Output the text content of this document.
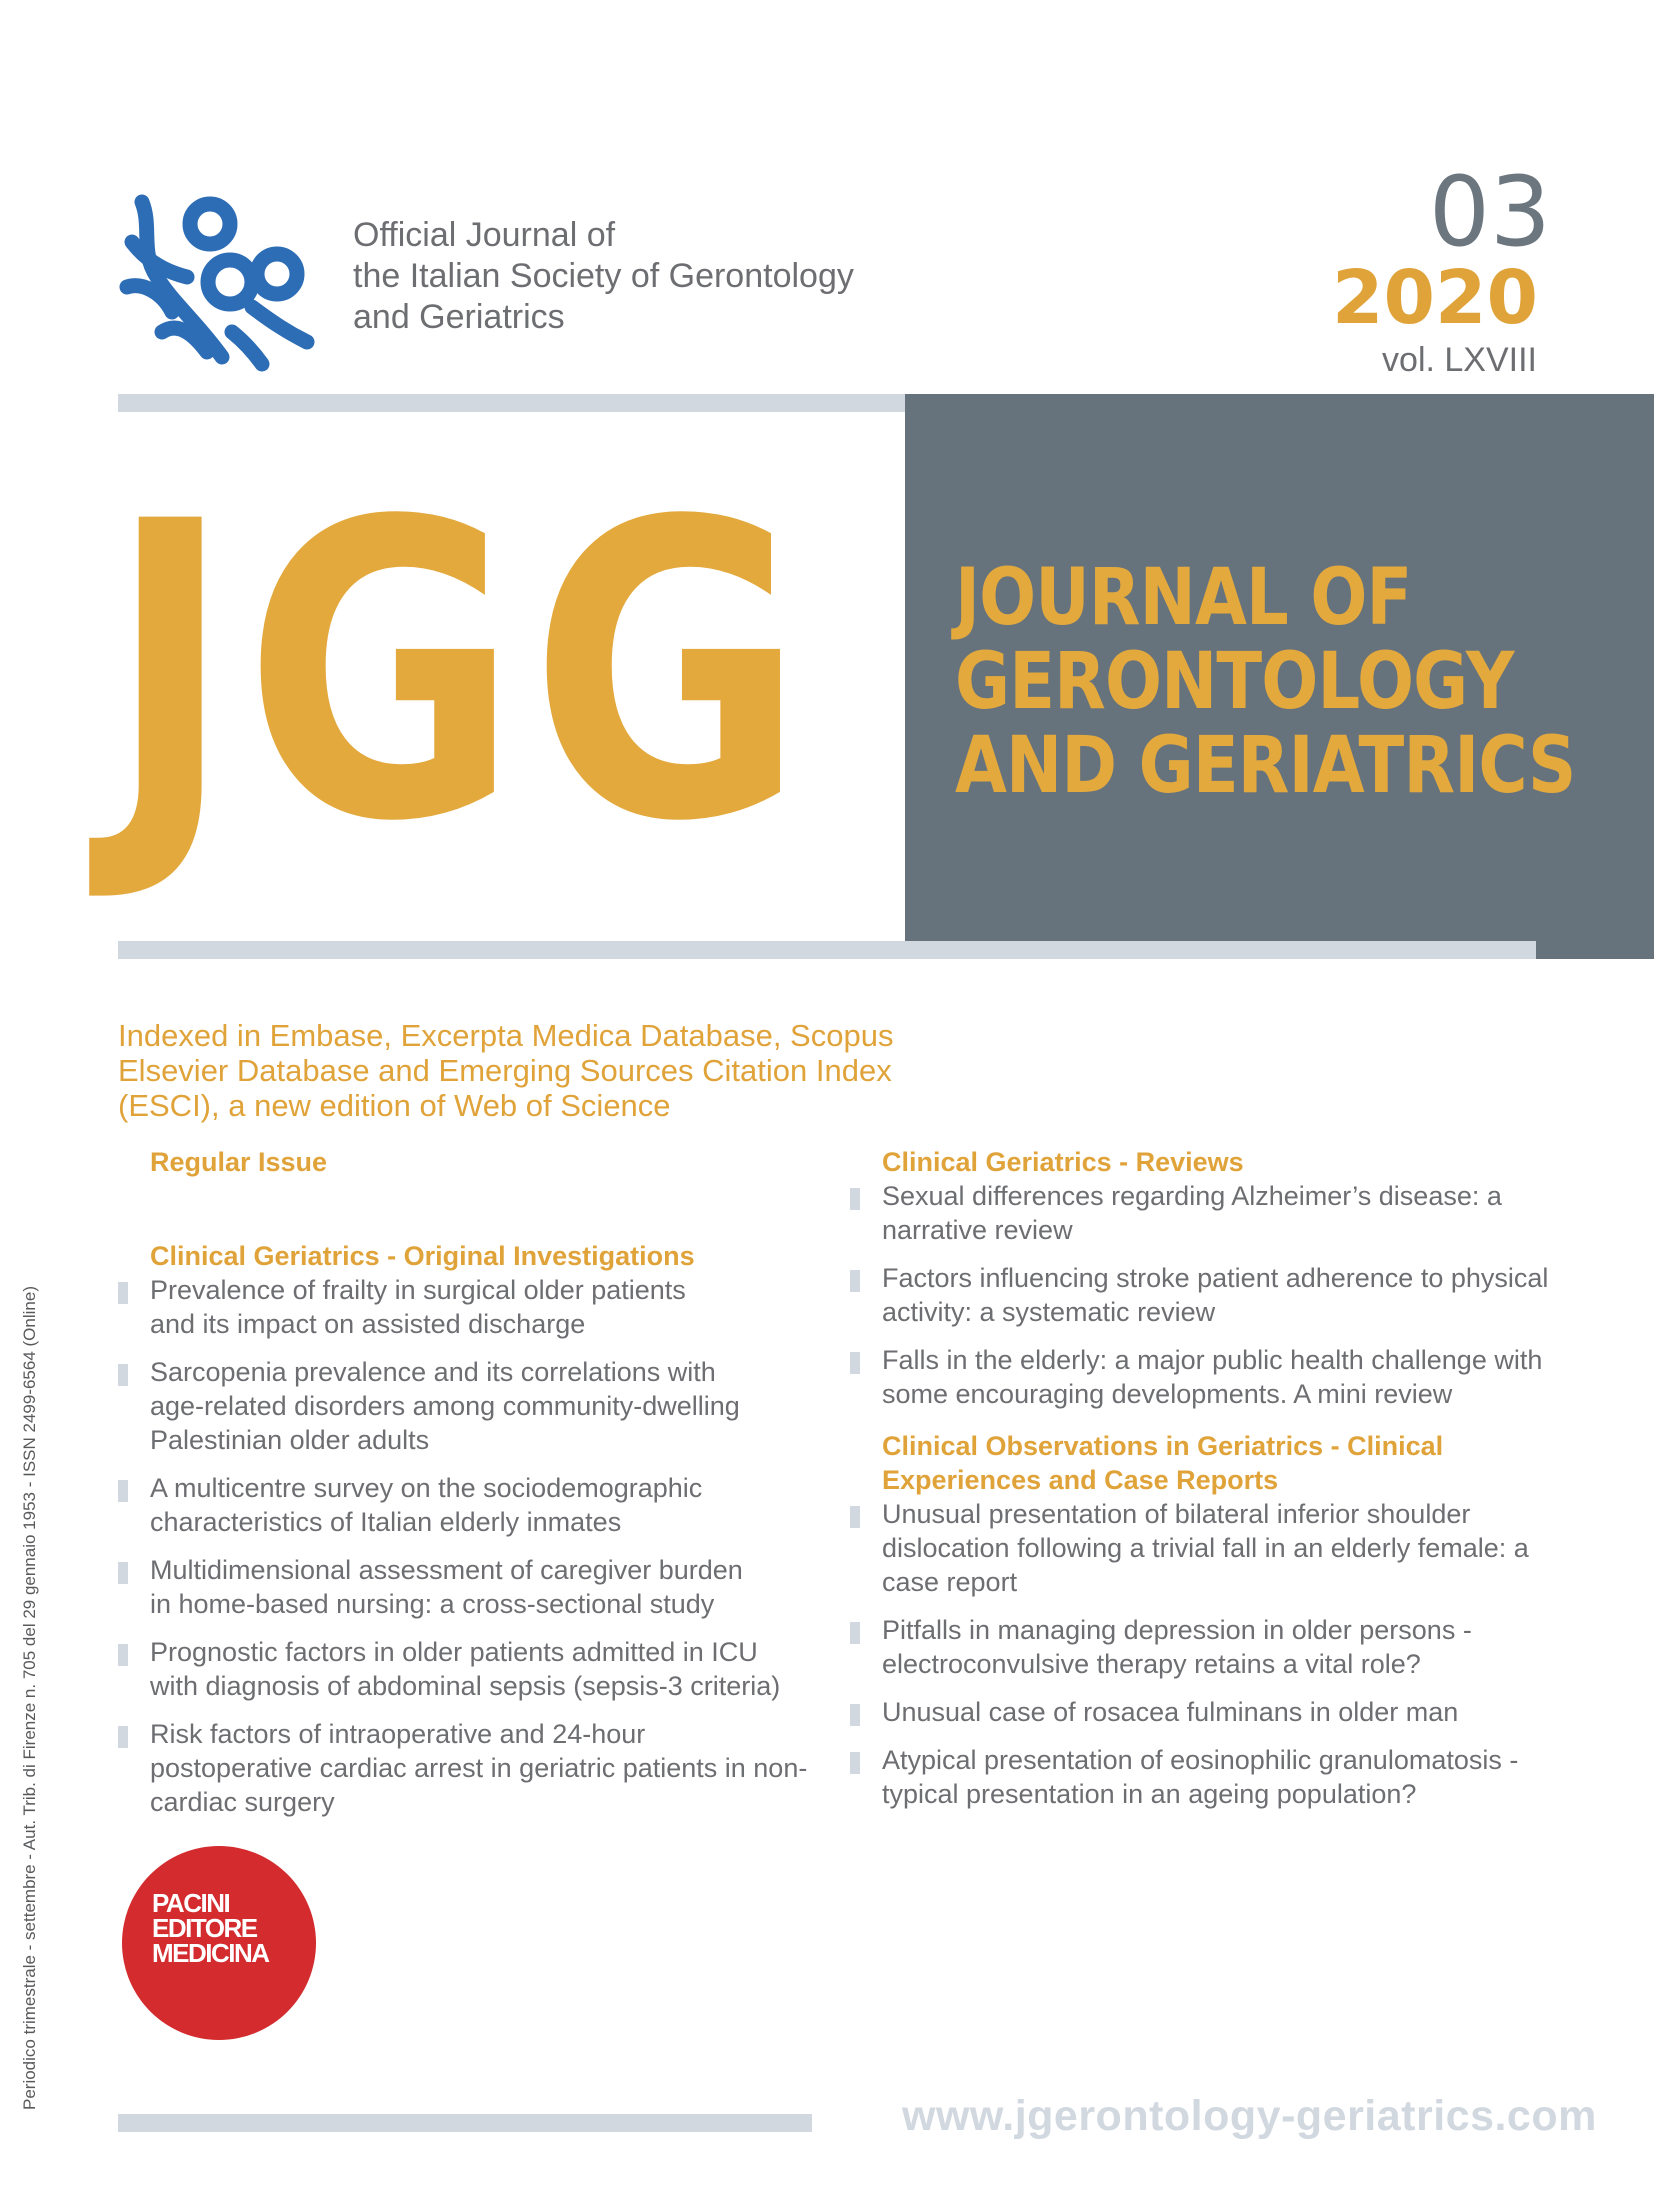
Official Journal of
the Italian Society of Gerontology
and Geriatrics
03
2020
vol. LXVIII
JGG JOURNAL OF
GERONTOLOGY
AND GERIATRICS
Indexed in Embase, Excerpta Medica Database, Scopus
Elsevier Database and Emerging Sources Citation Index
(ESCI), a new edition of Web of Science
Regular Issue
Clinical Geriatrics - Original Investigations
Prevalence of frailty in surgical older patients
and its impact on assisted discharge
Sarcopenia prevalence and its correlations with
age-related disorders among community-dwelling
Palestinian older adults
A multicentre survey on the sociodemographic
characteristics of Italian elderly inmates
Multidimensional assessment of caregiver burden
in home-based nursing: a cross-sectional study
Prognostic factors in older patients admitted in ICU
with diagnosis of abdominal sepsis (sepsis-3 criteria)
Risk factors of intraoperative and 24-hour
postoperative cardiac arrest in geriatric patients in non-
cardiac surgery
Clinical Geriatrics - Reviews
Sexual differences regarding Alzheimer’s disease: a
narrative review
Factors influencing stroke patient adherence to physical
activity: a systematic review
Falls in the elderly: a major public health challenge with
some encouraging developments. A mini review
Clinical Observations in Geriatrics - Clinical
Experiences and Case Reports
Unusual presentation of bilateral inferior shoulder
dislocation following a trivial fall in an elderly female: a
case report
Pitfalls in managing depression in older persons -
electroconvulsive therapy retains a vital role?
Unusual case of rosacea fulminans in older man
Atypical presentation of eosinophilic granulomatosis -
typical presentation in an ageing population?
PACINI
EDITORE
MEDICINA
www.jgerontology-geriatrics.com
Periodico trimestrale - settembre - Aut. Trib. di Firenze n. 705 del 29 gennaio 1953 - ISSN 2499-6564 (Online)
